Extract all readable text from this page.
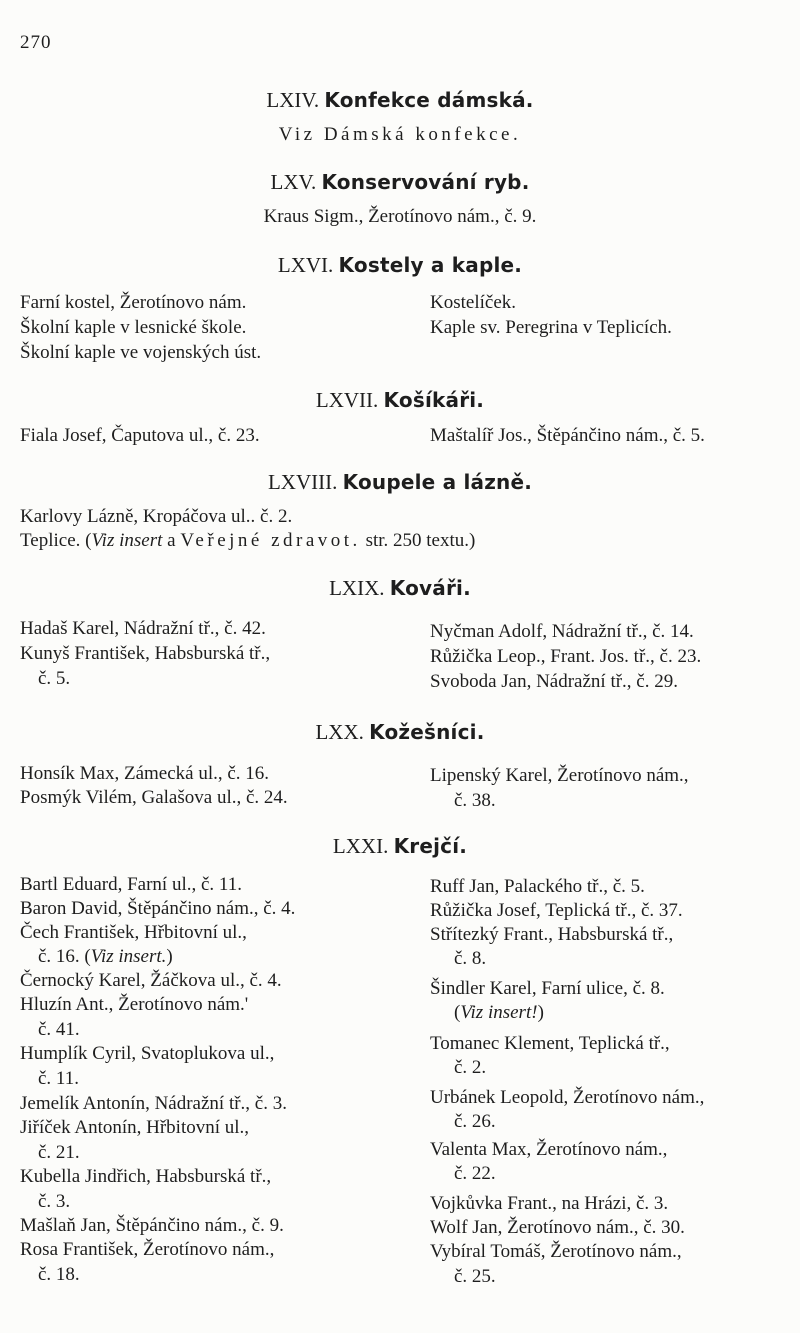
270
LXIV. Konfekce dámská.
Viz Dámská konfekce.
LXV. Konservování ryb.
Kraus Sigm., Žerotínovo nám., č. 9.
LXVI. Kostely a kaple.
Farní kostel, Žerotínovo nám.
Školní kaple v lesnické škole.
Školní kaple ve vojenských úst.
Kostelíček.
Kaple sv. Peregrina v Teplicích.
LXVII. Košíkáři.
Fiala Josef, Čaputova ul., č. 23.	Maštalíř Jos., Štěpánčino nám., č. 5.
LXVIII. Koupele a lázně.
Karlovy Lázně, Kropáčova ul.. č. 2.
Teplice. (Viz insert a Veřejné zdravot. str. 250 textu.)
LXIX. Kováři.
Hadaš Karel, Nádražní tř., č. 42.
Kunyš František, Habsburská tř.,
č. 5.
Nyčman Adolf, Nádražní tř., č. 14.
Růžička Leop., Frant. Jos. tř., č. 23.
Svoboda Jan, Nádražní tř., č. 29.
LXX. Kožešníci.
Honsík Max, Zámecká ul., č. 16.
Posmýk Vilém, Galašova ul., č. 24.
Lipenský Karel, Žerotínovo nám.,
č. 38.
LXXI. Krejčí.
Bartl Eduard, Farní ul., č. 11.
Baron David, Štěpánčino nám., č. 4.
Čech František, Hřbitovní ul.,
č. 16. (Viz insert.)
Černocký Karel, Žáčkova ul., č. 4.
Hluzín Ant., Žerotínovo nám.'
č. 41.
Humplík Cyril, Svatoplukova ul.,
č. 11.
Jemelík Antonín, Nádražní tř., č. 3.
Jiříček Antonín, Hřbitovní ul.,
č. 21.
Kubella Jindřich, Habsburská tř.,
č. 3.
Mašlaň Jan, Štěpánčino nám., č. 9.
Rosa František, Žerotínovo nám.,
č. 18.
Ruff Jan, Palackého tř., č. 5.
Růžička Josef, Teplická tř., č. 37.
Střítezký Frant., Habsburská tř.,
č. 8.
Šindler Karel, Farní ulice, č. 8.
(Viz insert!)
Tomanec Klement, Teplická tř.,
č. 2.
Urbánek Leopold, Žerotínovo nám.,
č. 26.
Valenta Max, Žerotínovo nám.,
č. 22.
Vojkůvka Frant., na Hrázi, č. 3.
Wolf Jan, Žerotínovo nám., č. 30.
Vybíral Tomáš, Žerotínovo nám.,
č. 25.
